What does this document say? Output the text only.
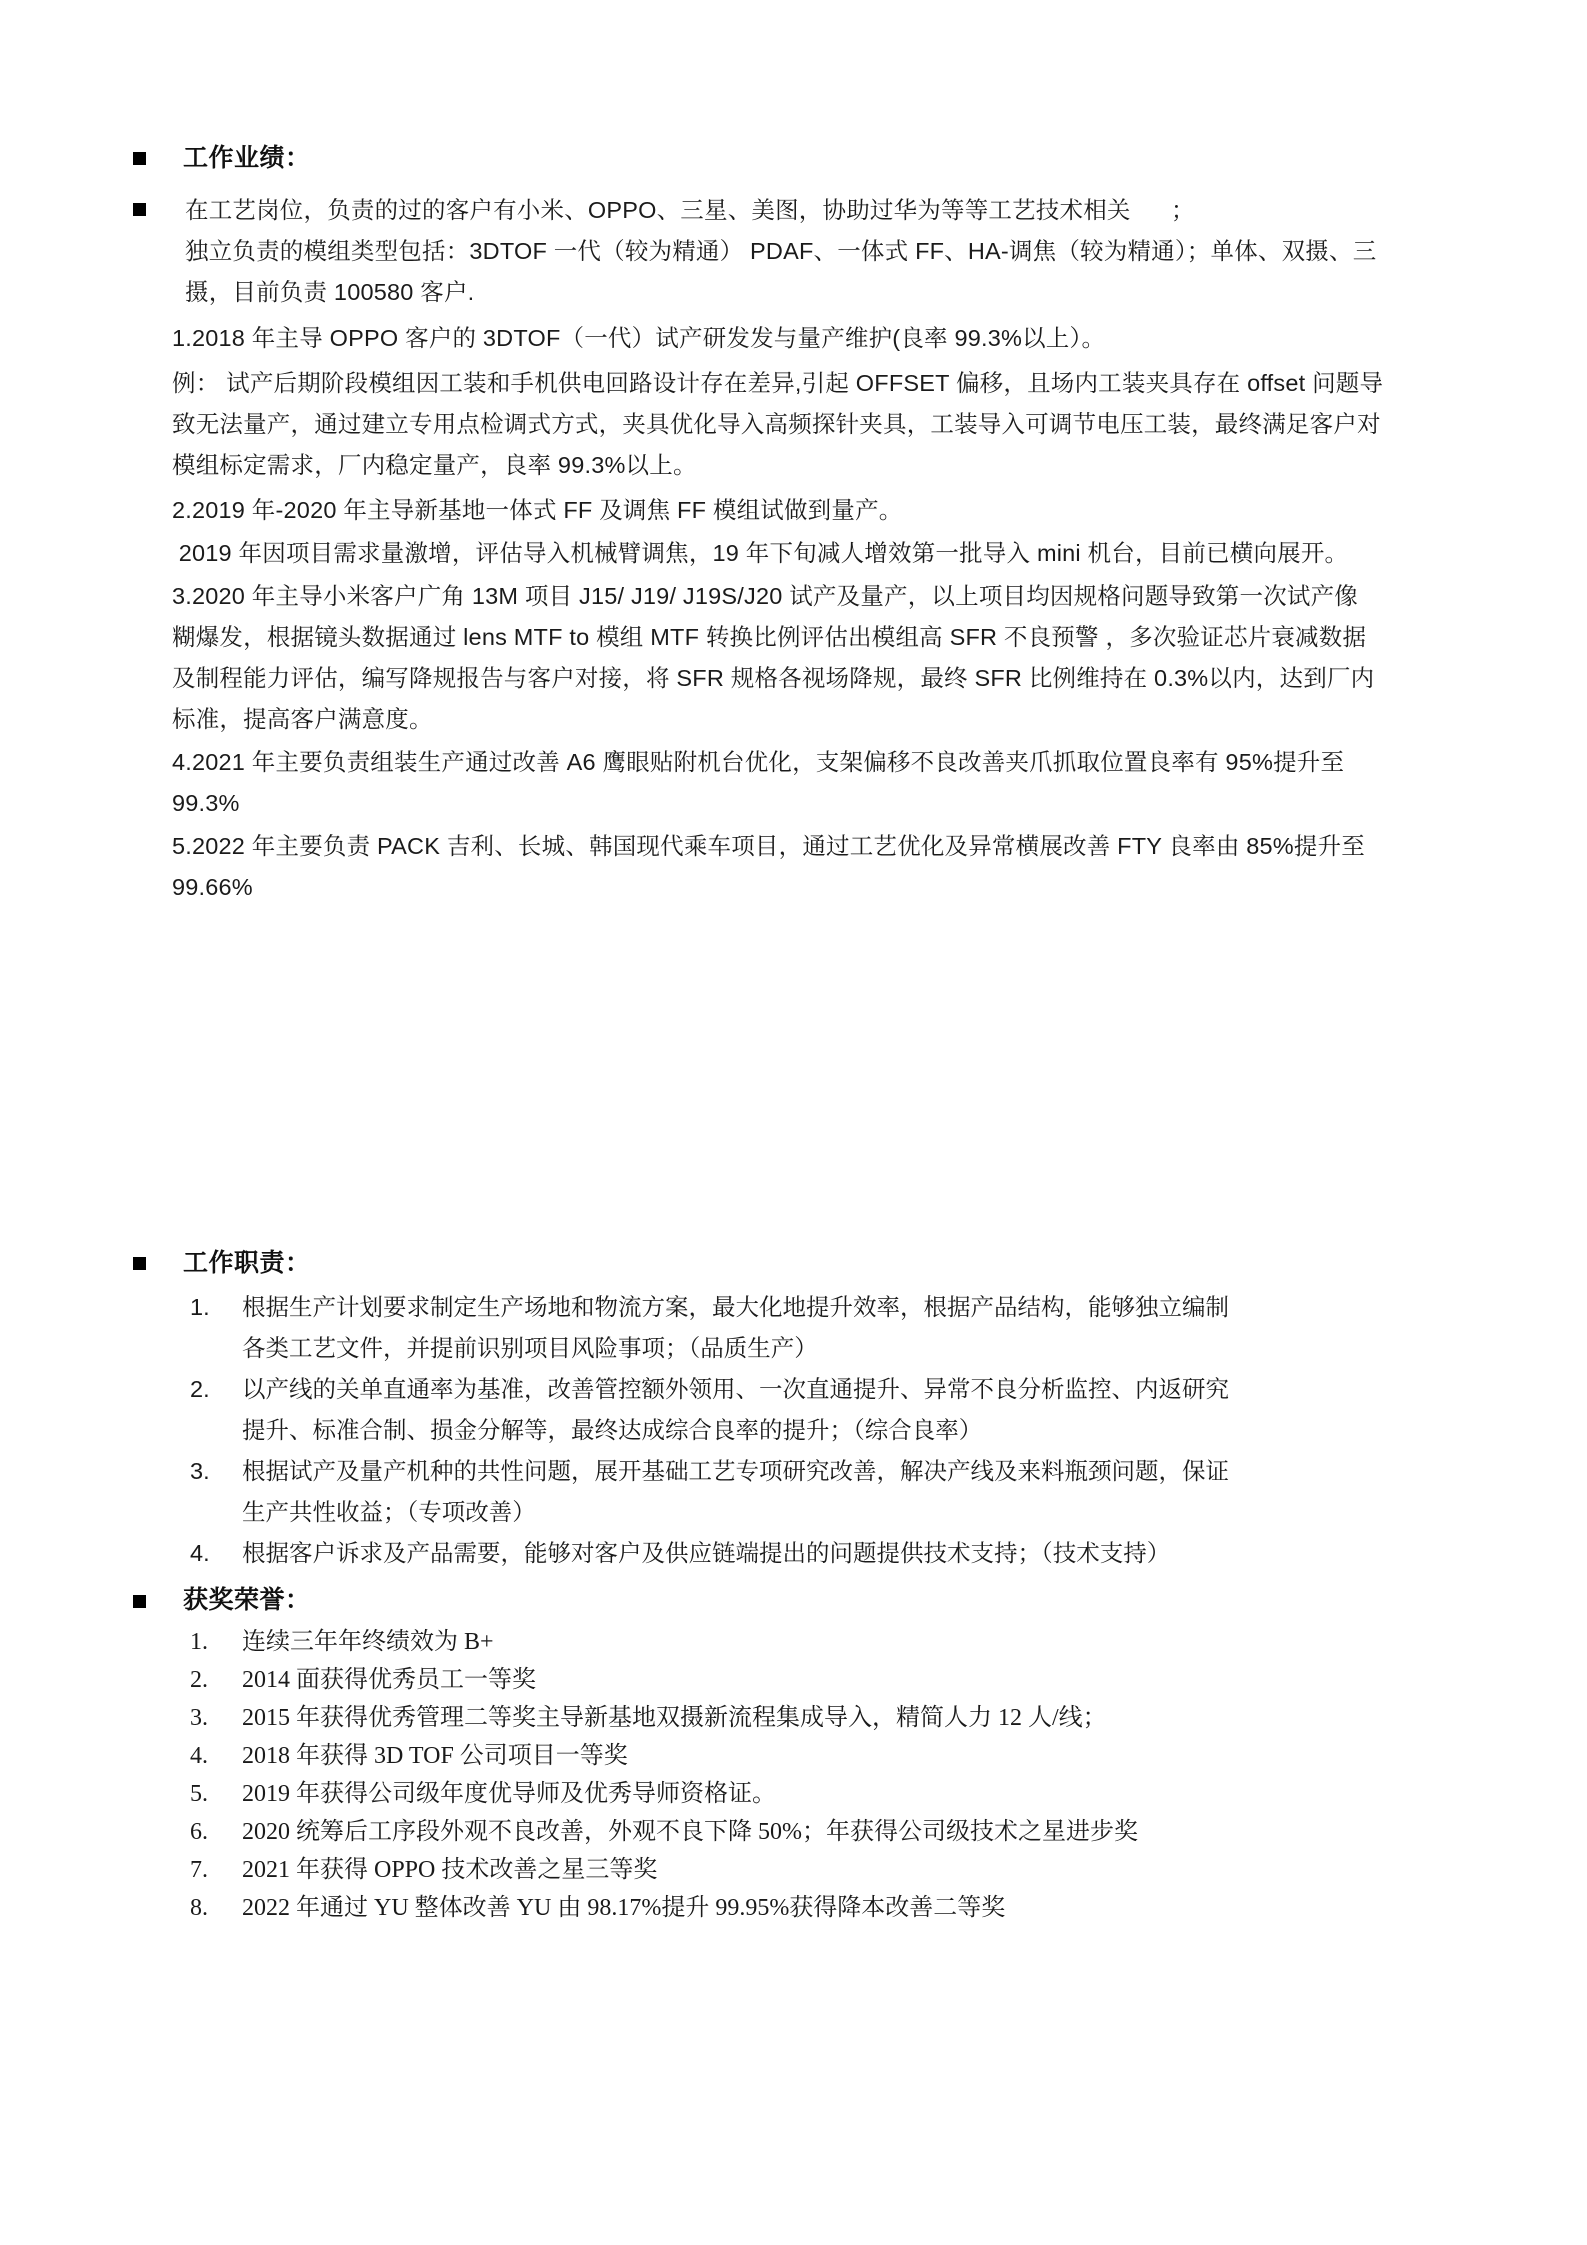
工作业绩：
在工艺岗位，负责的过的客户有小米、OPPO、三星、美图，协助过华为等等工艺技术相关      ；
独立负责的模组类型包括：3DTOF 一代（较为精通） PDAF、一体式 FF、HA-调焦（较为精通）；单体、双摄、三
摄，目前负责 100580 客户.
1.2018 年主导 OPPO 客户的 3DTOF（一代）试产研发发与量产维护(良率 99.3%以上）。
例： 试产后期阶段模组因工装和手机供电回路设计存在差异,引起 OFFSET 偏移，且场内工装夹具存在 offset 问题导
致无法量产，通过建立专用点检调式方式，夹具优化导入高频探针夹具，工装导入可调节电压工装，最终满足客户对
模组标定需求，厂内稳定量产，良率 99.3%以上。
2.2019 年-2020 年主导新基地一体式 FF 及调焦 FF 模组试做到量产。
2019 年因项目需求量激增，评估导入机械臂调焦，19 年下旬减人增效第一批导入 mini 机台，目前已横向展开。
3.2020 年主导小米客户广角 13M 项目 J15/ J19/ J19S/J20 试产及量产，以上项目均因规格问题导致第一次试产像
糊爆发，根据镜头数据通过 lens MTF to 模组 MTF 转换比例评估出模组高 SFR 不良预警 ，多次验证芯片衰减数据
及制程能力评估，编写降规报告与客户对接，将 SFR 规格各视场降规，最终 SFR 比例维持在 0.3%以内，达到厂内
标准，提高客户满意度。
4.2021 年主要负责组装生产通过改善 A6 鹰眼贴附机台优化，支架偏移不良改善夹爪抓取位置良率有 95%提升至
99.3%
5.2022 年主要负责 PACK 吉利、长城、韩国现代乘车项目，通过工艺优化及异常横展改善 FTY 良率由 85%提升至
99.66%
工作职责：
1.	根据生产计划要求制定生产场地和物流方案，最大化地提升效率，根据产品结构，能够独立编制
各类工艺文件，并提前识别项目风险事项；（品质生产）
2.	以产线的关单直通率为基准，改善管控额外领用、一次直通提升、异常不良分析监控、内返研究
提升、标准合制、损金分解等，最终达成综合良率的提升；（综合良率）
3.	根据试产及量产机种的共性问题，展开基础工艺专项研究改善，解决产线及来料瓶颈问题，保证
生产共性收益；（专项改善）
4.	根据客户诉求及产品需要，能够对客户及供应链端提出的问题提供技术支持；（技术支持）
获奖荣誉：
1.	连续三年年终绩效为 B+
2.	2014 面获得优秀员工一等奖
3.	2015 年获得优秀管理二等奖主导新基地双摄新流程集成导入，精简人力 12 人/线；
4.	2018 年获得 3D TOF 公司项目一等奖
5.	2019 年获得公司级年度优导师及优秀导师资格证。
6.	2020 统筹后工序段外观不良改善，外观不良下降 50%；年获得公司级技术之星进步奖
7.	2021 年获得 OPPO 技术改善之星三等奖
8.	2022 年通过 YU 整体改善 YU 由 98.17%提升 99.95%获得降本改善二等奖
